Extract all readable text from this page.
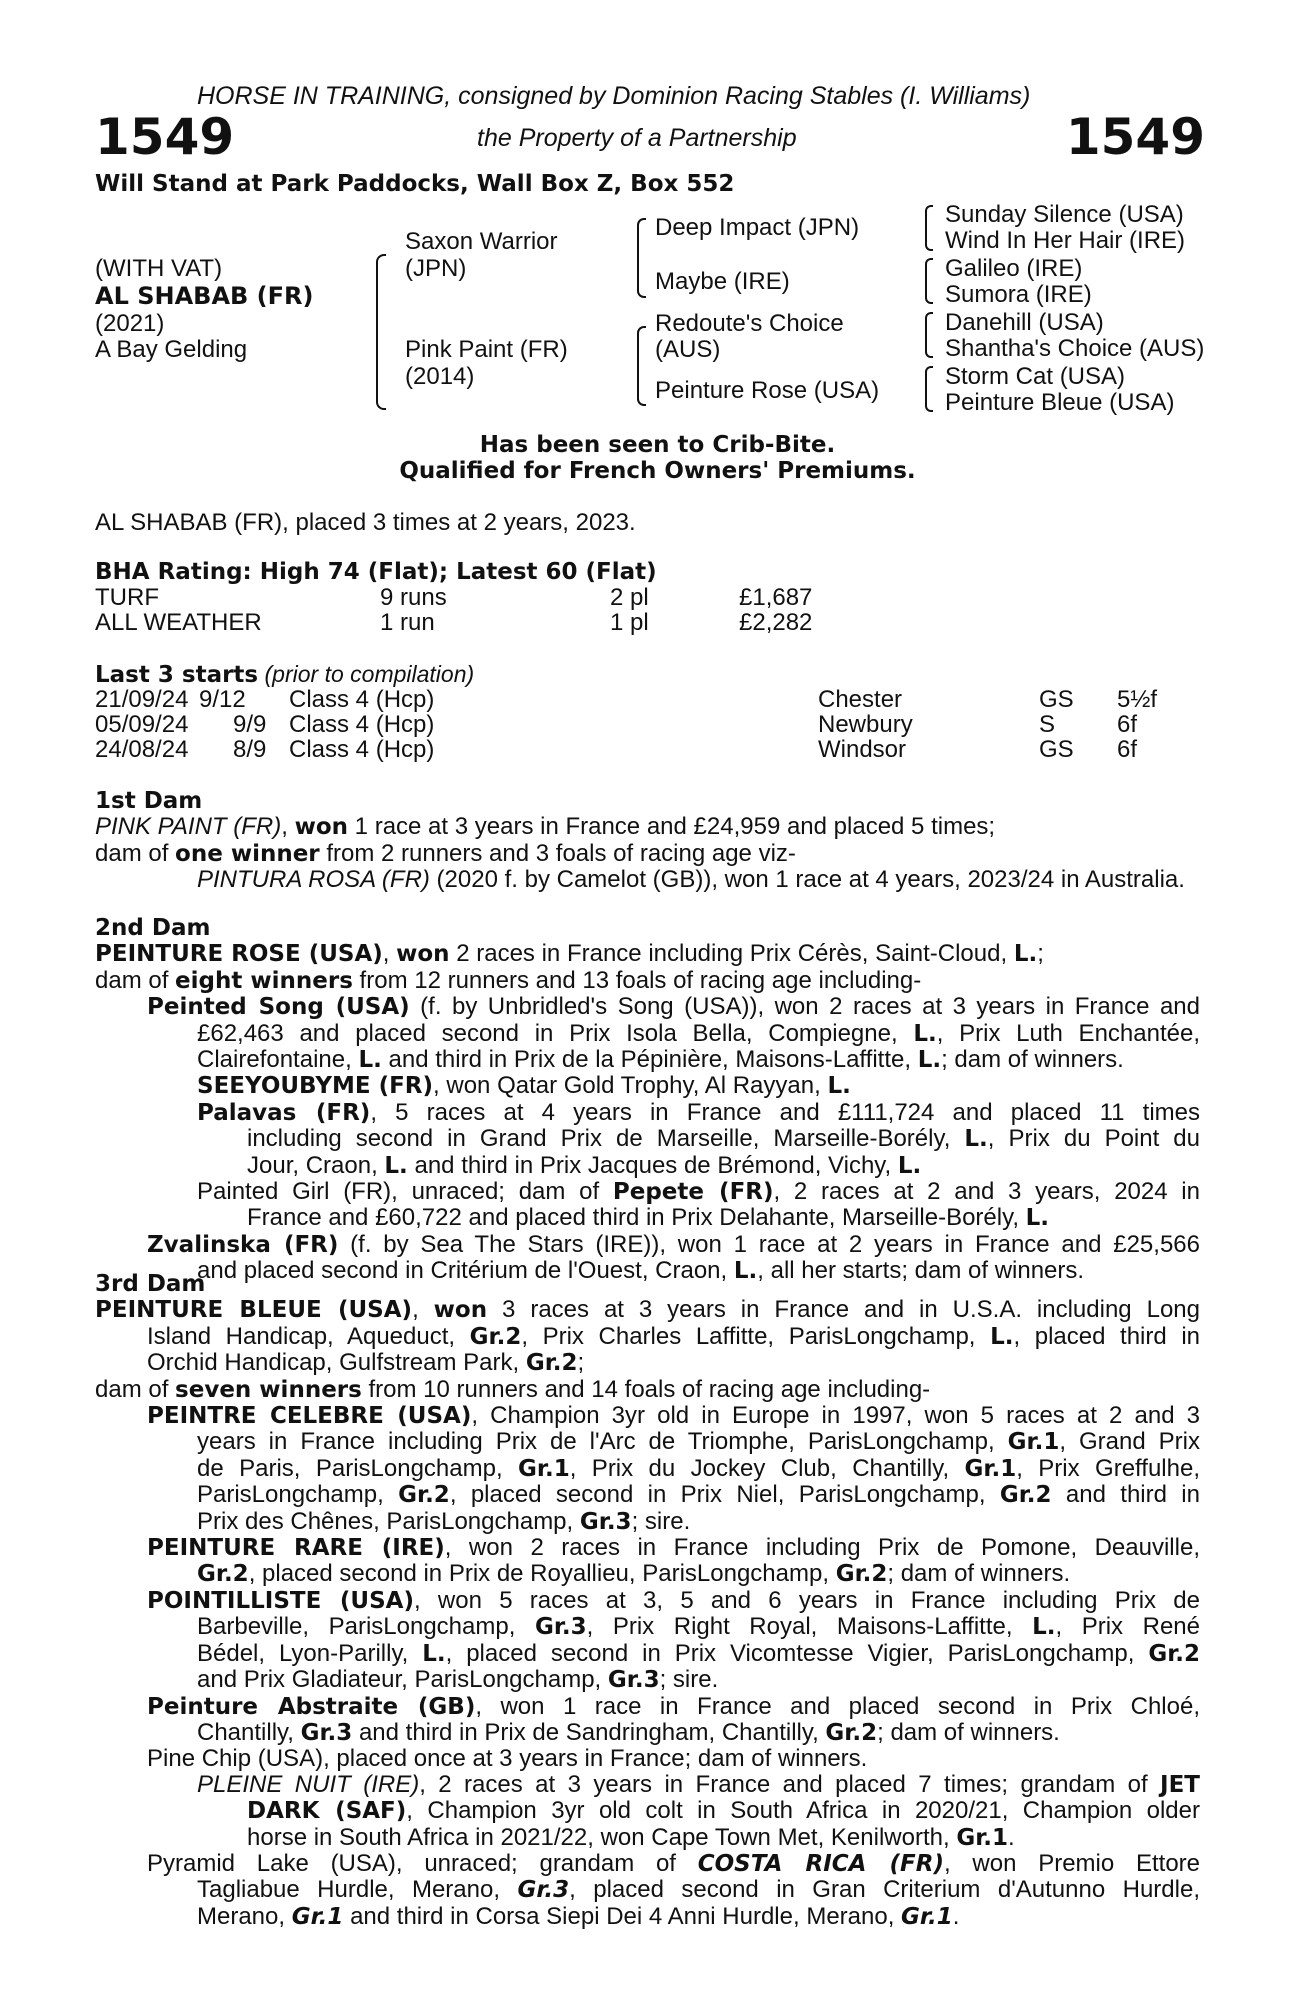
HORSE IN TRAINING, consigned by Dominion Racing Stables (I. Williams)
1549	the Property of a Partnership	1549
Will Stand at Park Paddocks, Wall Box Z, Box 552
(WITH VAT)
AL SHABAB (FR)
(2021)
A Bay Gelding
Saxon Warrior
(JPN)
Pink Paint (FR)
(2014)
Deep Impact (JPN)
Maybe (IRE)
Redoute's Choice
(AUS)
Peinture Rose (USA)
Sunday Silence (USA)
Wind In Her Hair (IRE)
Galileo (IRE)
Sumora (IRE)
Danehill (USA)
Shantha's Choice (AUS)
Storm Cat (USA)
Peinture Bleue (USA)
Has been seen to Crib-Bite.
Qualified for French Owners' Premiums.
AL SHABAB (FR), placed 3 times at 2 years, 2023.
BHA Rating: High 74 (Flat); Latest 60 (Flat)
TURF	9 runs	2 pl	£1,687
ALL WEATHER	1 run	1 pl	£2,282
Last 3 starts (prior to compilation)
21/09/24 9/12 Class 4 (Hcp)	Chester	GS 5½f
05/09/24 9/9 Class 4 (Hcp)	Newbury	S	6f
24/08/24 8/9 Class 4 (Hcp)	Windsor	GS 6f
1st Dam
PINK PAINT (FR), won 1 race at 3 years in France and £24,959 and placed 5 times;
dam of one winner from 2 runners and 3 foals of racing age viz-
PINTURA ROSA (FR) (2020 f. by Camelot (GB)), won 1 race at 4 years, 2023/24 in Australia.
2nd Dam
PEINTURE ROSE (USA), won 2 races in France including Prix Cérès, Saint-Cloud, L.;
dam of eight winners from 12 runners and 13 foals of racing age including-
Peinted Song (USA) (f. by Unbridled's Song (USA)), won 2 races at 3 years in France and
£62,463 and placed second in Prix Isola Bella, Compiegne, L., Prix Luth Enchantée,
Clairefontaine, L. and third in Prix de la Pépinière, Maisons-Laffitte, L.; dam of winners.
SEEYOUBYME (FR), won Qatar Gold Trophy, Al Rayyan, L.
Palavas (FR), 5 races at 4 years in France and £111,724 and placed 11 times
including second in Grand Prix de Marseille, Marseille-Borély, L., Prix du Point du
Jour, Craon, L. and third in Prix Jacques de Brémond, Vichy, L.
Painted Girl (FR), unraced; dam of Pepete (FR), 2 races at 2 and 3 years, 2024 in
France and £60,722 and placed third in Prix Delahante, Marseille-Borély, L.
Zvalinska (FR) (f. by Sea The Stars (IRE)), won 1 race at 2 years in France and £25,566
and placed second in Critérium de l'Ouest, Craon, L., all her starts; dam of winners.
3rd Dam
PEINTURE BLEUE (USA), won 3 races at 3 years in France and in U.S.A. including Long
Island Handicap, Aqueduct, Gr.2, Prix Charles Laffitte, ParisLongchamp, L., placed third in
Orchid Handicap, Gulfstream Park, Gr.2;
dam of seven winners from 10 runners and 14 foals of racing age including-
PEINTRE CELEBRE (USA), Champion 3yr old in Europe in 1997, won 5 races at 2 and 3
years in France including Prix de l'Arc de Triomphe, ParisLongchamp, Gr.1, Grand Prix
de Paris, ParisLongchamp, Gr.1, Prix du Jockey Club, Chantilly, Gr.1, Prix Greffulhe,
ParisLongchamp, Gr.2, placed second in Prix Niel, ParisLongchamp, Gr.2 and third in
Prix des Chênes, ParisLongchamp, Gr.3; sire.
PEINTURE RARE (IRE), won 2 races in France including Prix de Pomone, Deauville,
Gr.2, placed second in Prix de Royallieu, ParisLongchamp, Gr.2; dam of winners.
POINTILLISTE (USA), won 5 races at 3, 5 and 6 years in France including Prix de
Barbeville, ParisLongchamp, Gr.3, Prix Right Royal, Maisons-Laffitte, L., Prix René
Bédel, Lyon-Parilly, L., placed second in Prix Vicomtesse Vigier, ParisLongchamp, Gr.2
and Prix Gladiateur, ParisLongchamp, Gr.3; sire.
Peinture Abstraite (GB), won 1 race in France and placed second in Prix Chloé,
Chantilly, Gr.3 and third in Prix de Sandringham, Chantilly, Gr.2; dam of winners.
Pine Chip (USA), placed once at 3 years in France; dam of winners.
PLEINE NUIT (IRE), 2 races at 3 years in France and placed 7 times; grandam of JET
DARK (SAF), Champion 3yr old colt in South Africa in 2020/21, Champion older
horse in South Africa in 2021/22, won Cape Town Met, Kenilworth, Gr.1.
Pyramid Lake (USA), unraced; grandam of COSTA RICA (FR), won Premio Ettore
Tagliabue Hurdle, Merano, Gr.3, placed second in Gran Criterium d'Autunno Hurdle,
Merano, Gr.1 and third in Corsa Siepi Dei 4 Anni Hurdle, Merano, Gr.1.
